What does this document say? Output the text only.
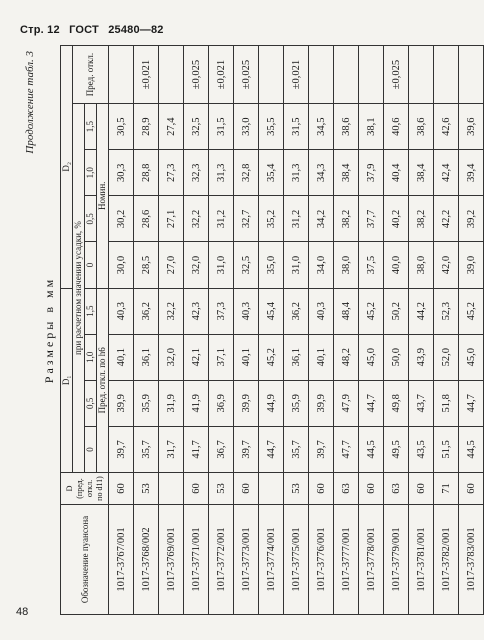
Стр. 12 ГОСТ 25480—82
Продолжение табл. 3
Размеры в мм
Обозначение пуансона	D (пред. откл. по d11)	D₁				D₂				
		при расчетном значении усадки, %								Пред. откл.
		0	0,5	1,0	1,5	0	0,5	1,0	1,5	
		Пред. откл. по h6				Номин.				
1017-3767/001	60	39,7	39,9	40,1	40,3	30,0	30,2	30,3	30,5	
1017-3768/002	53	35,7	35,9	36,1	36,2	28,5	28,6	28,8	28,9	±0,021
1017-3769/001		31,7	31,9	32,0	32,2	27,0	27,1	27,3	27,4	
1017-3771/001	60	41,7	41,9	42,1	42,3	32,0	32,2	32,3	32,5	±0,025
1017-3772/001	53	36,7	36,9	37,1	37,3	31,0	31,2	31,3	31,5	±0,021
1017-3773/001	60	39,7	39,9	40,1	40,3	32,5	32,7	32,8	33,0	±0,025
1017-3774/001		44,7	44,9	45,2	45,4	35,0	35,2	35,4	35,5	
1017-3775/001	53	35,7	35,9	36,1	36,2	31,0	31,2	31,3	31,5	±0,021
1017-3776/001	60	39,7	39,9	40,1	40,3	34,0	34,2	34,3	34,5	
1017-3777/001	63	47,7	47,9	48,2	48,4	38,0	38,2	38,4	38,6	
1017-3778/001	60	44,5	44,7	45,0	45,2	37,5	37,7	37,9	38,1	
1017-3779/001	63	49,5	49,8	50,0	50,2	40,0	40,2	40,4	40,6	±0,025
1017-3781/001	60	43,5	43,7	43,9	44,2	38,0	38,2	38,4	38,6	
1017-3782/001	71	51,5	51,8	52,0	52,3	42,0	42,2	42,4	42,6	
1017-3783/001	60	44,5	44,7	45,0	45,2	39,0	39,2	39,4	39,6	
48
